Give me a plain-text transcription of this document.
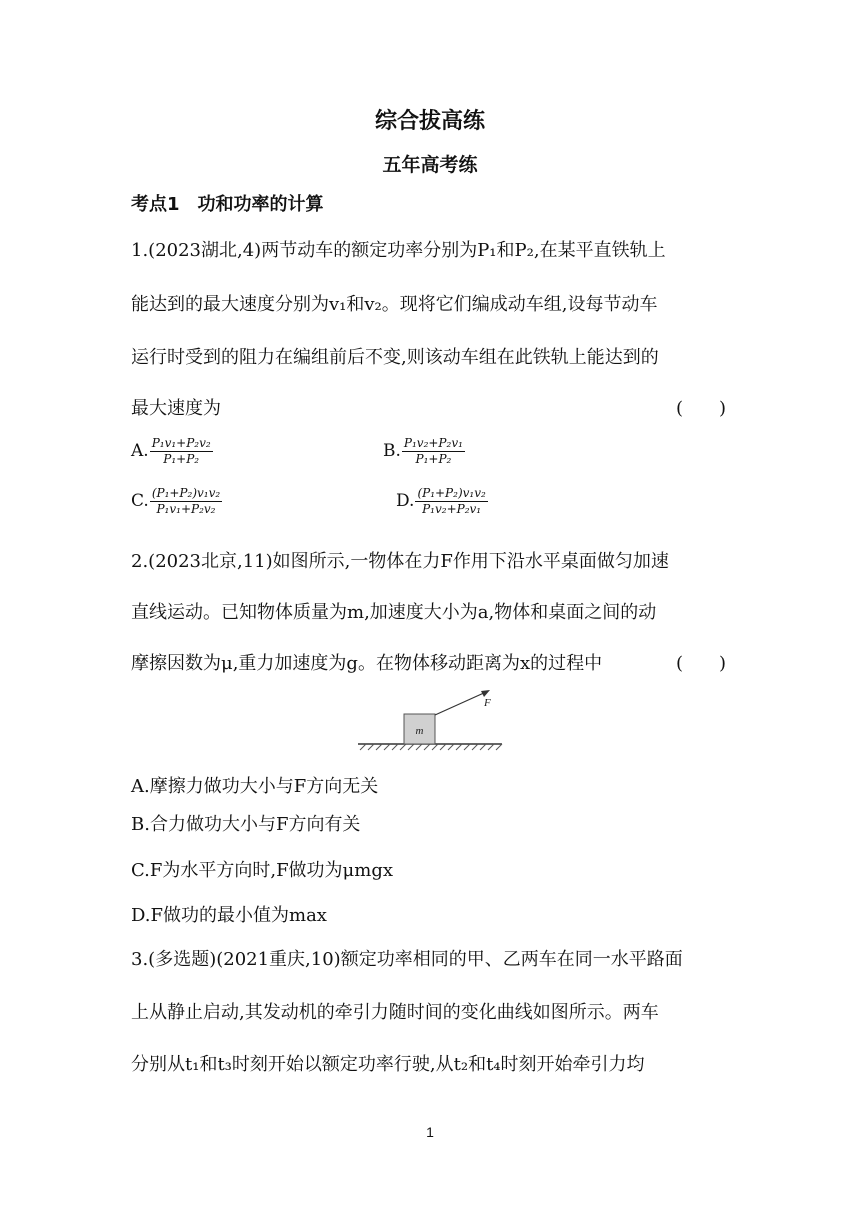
综合拔高练
五年高考练
考点1　功和功率的计算
1.(2023湖北,4)两节动车的额定功率分别为P₁和P₂,在某平直铁轨上
能达到的最大速度分别为v₁和v₂。现将它们编成动车组,设每节动车
运行时受到的阻力在编组前后不变,则该动车组在此铁轨上能达到的
最大速度为	(　　)
A. $\frac{\text{P₁v₁+P₂v₂}}{\text{P₁+P₂}}$	B. $\frac{\text{P₁v₂+P₂v₁}}{\text{P₁+P₂}}$
C. $\frac{\text{(P₁+P₂)v₁v₂}}{\text{P₁v₁+P₂v₂}}$	D. $\frac{\text{(P₁+P₂)v₁v₂}}{\text{P₁v₂+P₂v₁}}$
2.(2023北京,11)如图所示,一物体在力F作用下沿水平桌面做匀加速
直线运动。已知物体质量为m,加速度大小为a,物体和桌面之间的动
摩擦因数为μ,重力加速度为g。在物体移动距离为x的过程中	(　　)
m
F
A.摩擦力做功大小与F方向无关
B.合力做功大小与F方向有关
C.F为水平方向时,F做功为μmgx
D.F做功的最小值为max
3.(多选题)(2021重庆,10)额定功率相同的甲、乙两车在同一水平路面
上从静止启动,其发动机的牵引力随时间的变化曲线如图所示。两车
分别从t₁和t₃时刻开始以额定功率行驶,从t₂和t₄时刻开始牵引力均
1
